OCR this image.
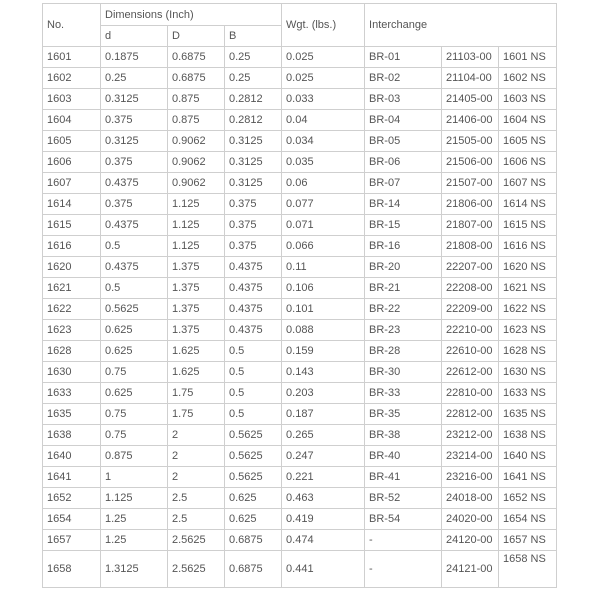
No.	Dimensions (Inch)			Wgt. (lbs.)	Interchange		
	d	D	B				
1601	0.1875	0.6875	0.25	0.025	BR-01	21103-00	1601 NS
1602	0.25	0.6875	0.25	0.025	BR-02	21104-00	1602 NS
1603	0.3125	0.875	0.2812	0.033	BR-03	21405-00	1603 NS
1604	0.375	0.875	0.2812	0.04	BR-04	21406-00	1604 NS
1605	0.3125	0.9062	0.3125	0.034	BR-05	21505-00	1605 NS
1606	0.375	0.9062	0.3125	0.035	BR-06	21506-00	1606 NS
1607	0.4375	0.9062	0.3125	0.06	BR-07	21507-00	1607 NS
1614	0.375	1.125	0.375	0.077	BR-14	21806-00	1614 NS
1615	0.4375	1.125	0.375	0.071	BR-15	21807-00	1615 NS
1616	0.5	1.125	0.375	0.066	BR-16	21808-00	1616 NS
1620	0.4375	1.375	0.4375	0.11	BR-20	22207-00	1620 NS
1621	0.5	1.375	0.4375	0.106	BR-21	22208-00	1621 NS
1622	0.5625	1.375	0.4375	0.101	BR-22	22209-00	1622 NS
1623	0.625	1.375	0.4375	0.088	BR-23	22210-00	1623 NS
1628	0.625	1.625	0.5	0.159	BR-28	22610-00	1628 NS
1630	0.75	1.625	0.5	0.143	BR-30	22612-00	1630 NS
1633	0.625	1.75	0.5	0.203	BR-33	22810-00	1633 NS
1635	0.75	1.75	0.5	0.187	BR-35	22812-00	1635 NS
1638	0.75	2	0.5625	0.265	BR-38	23212-00	1638 NS
1640	0.875	2	0.5625	0.247	BR-40	23214-00	1640 NS
1641	1	2	0.5625	0.221	BR-41	23216-00	1641 NS
1652	1.125	2.5	0.625	0.463	BR-52	24018-00	1652 NS
1654	1.25	2.5	0.625	0.419	BR-54	24020-00	1654 NS
1657	1.25	2.5625	0.6875	0.474	-	24120-00	1657 NS
1658	1.3125	2.5625	0.6875	0.441	-	24121-00	1658 NS
